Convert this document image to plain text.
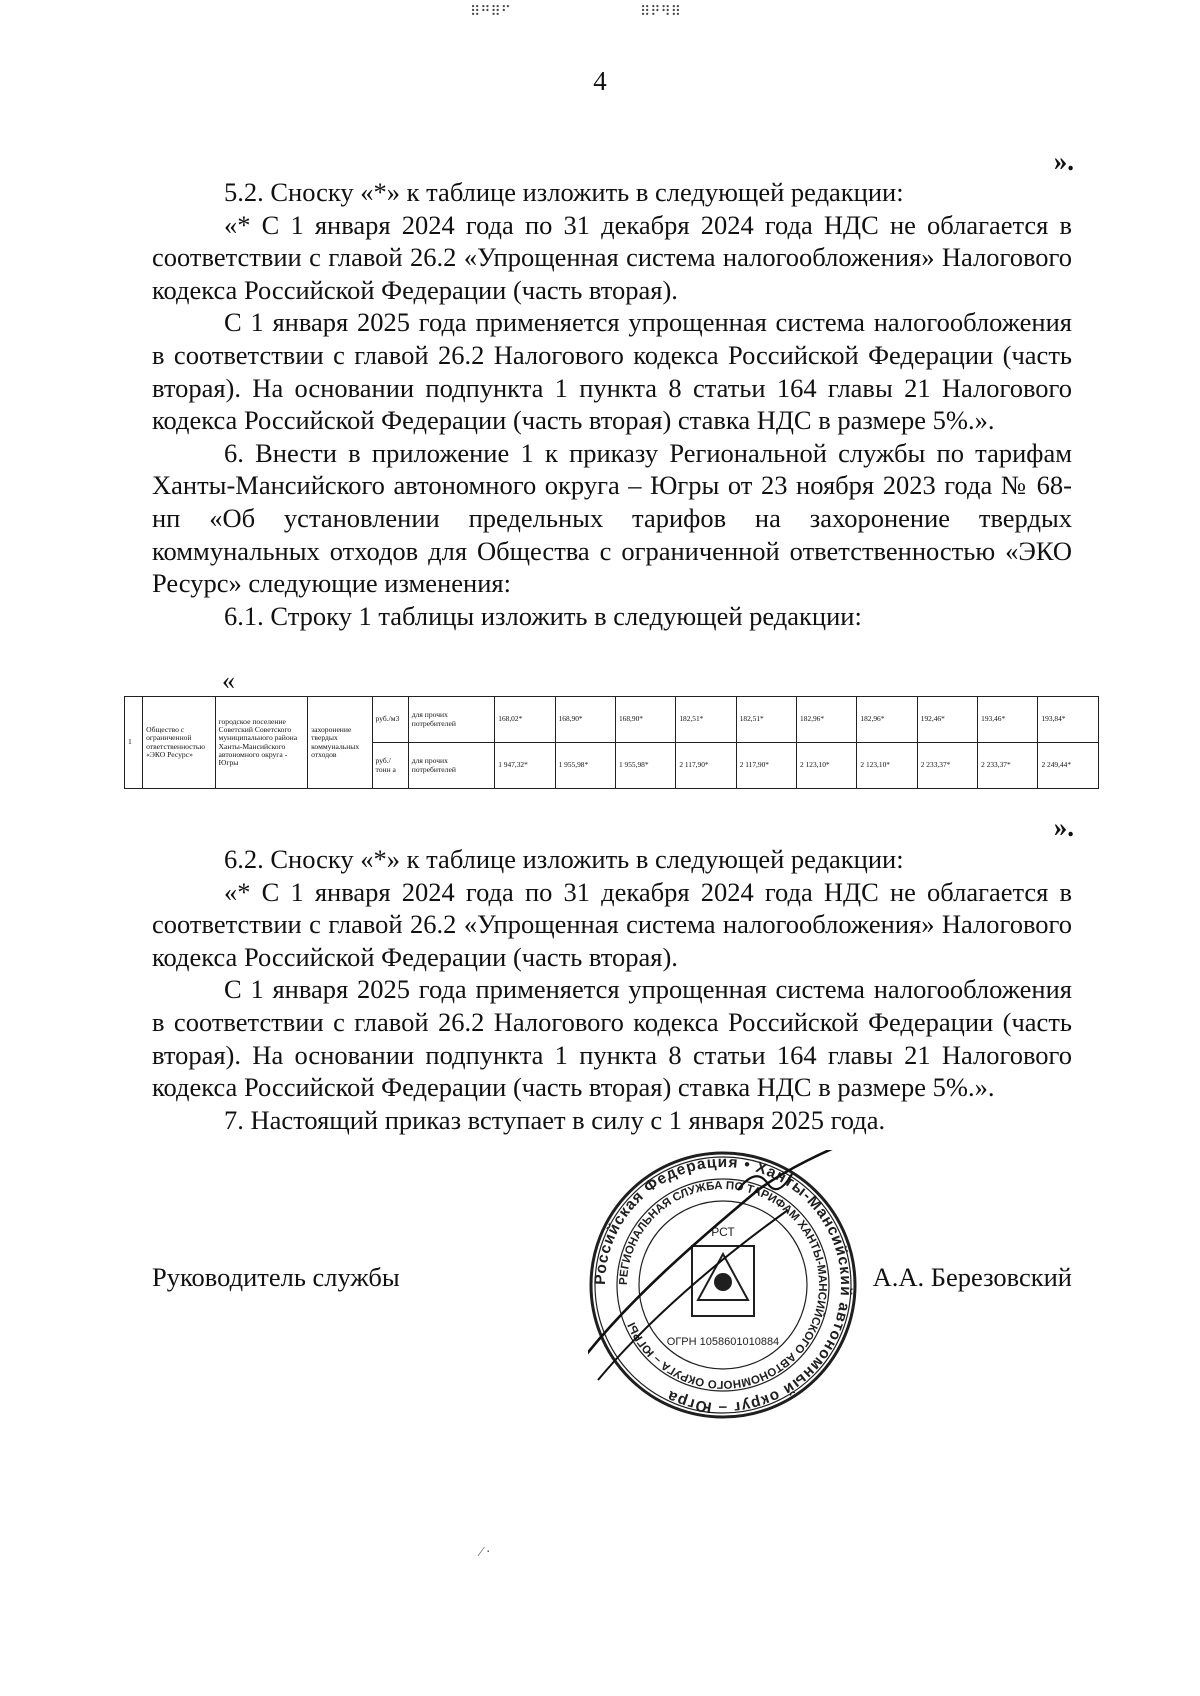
⠿⠛⠿⠋	⠿⠟⠻⠿
4
».

5.2. Сноску «*» к таблице изложить в следующей редакции:

«* С 1 января 2024 года по 31 декабря 2024 года НДС не облагается в соответствии с главой 26.2 «Упрощенная система налогообложения» Налогового кодекса Российской Федерации (часть вторая).

С 1 января 2025 года применяется упрощенная система налогообложения в соответствии с главой 26.2 Налогового кодекса Российской Федерации (часть вторая). На основании подпункта 1 пункта 8 статьи 164 главы 21 Налогового кодекса Российской Федерации (часть вторая) ставка НДС в размере 5%.».

6. Внести в приложение 1 к приказу Региональной службы по тарифам Ханты-Мансийского автономного округа – Югры от 23 ноября 2023 года № 68-нп «Об установлении предельных тарифов на захоронение твердых коммунальных отходов для Общества с ограниченной ответственностью «ЭКО Ресурс» следующие изменения:

6.1. Строку 1 таблицы изложить в следующей редакции:

«
1	Общество с ограниченной ответственностью «ЭКО Ресурс»	городское поселение Советский Советского муниципального района Ханты-Мансийского автономного округа - Югры	захоронение твердых коммунальных отходов	руб./м3	для прочих потребителей	168,02*	168,90*	168,90*	182,51*	182,51*	182,96*	182,96*	192,46*	193,46*	193,84*
				руб./тонн а	для прочих потребителей	1 947,32*	1 955,98*	1 955,98*	2 117,90*	2 117,90*	2 123,10*	2 123,10*	2 233,37*	2 233,37*	2 249,44*
».

6.2. Сноску «*» к таблице изложить в следующей редакции:

«* С 1 января 2024 года по 31 декабря 2024 года НДС не облагается в соответствии с главой 26.2 «Упрощенная система налогообложения» Налогового кодекса Российской Федерации (часть вторая).

С 1 января 2025 года применяется упрощенная система налогообложения в соответствии с главой 26.2 Налогового кодекса Российской Федерации (часть вторая). На основании подпункта 1 пункта 8 статьи 164 главы 21 Налогового кодекса Российской Федерации (часть вторая) ставка НДС в размере 5%.».

7. Настоящий приказ вступает в силу с 1 января 2025 года.

Руководитель службы	А.А. Березовский
Российская Федерация • Ханты-Мансийский автономный округ – Югра
РЕГИОНАЛЬНАЯ СЛУЖБА ПО ТАРИФАМ ХАНТЫ-МАНСИЙСКОГО АВТОНОМНОГО ОКРУГА – ЮГРЫ
РСТ
ОГРН 1058601010884
⁄ ·
